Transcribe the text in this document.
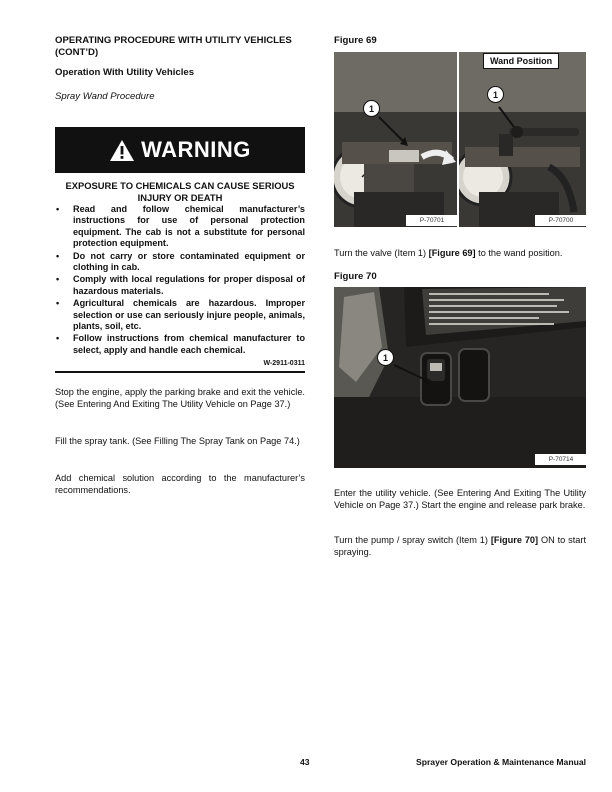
OPERATING PROCEDURE WITH UTILITY VEHICLES (CONT’D)
Operation With Utility Vehicles
Spray Wand Procedure
WARNING
EXPOSURE TO CHEMICALS CAN CAUSE SERIOUS INJURY OR DEATH
• Read and follow chemical manufacturer’s instructions for use of personal protection equipment. The cab is not a substitute for personal protection equipment.
• Do not carry or store contaminated equipment or clothing in cab.
• Comply with local regulations for proper disposal of hazardous materials.
• Agricultural chemicals are hazardous. Improper selection or use can seriously injure people, animals, plants, soil, etc.
• Follow instructions from chemical manufacturer to select, apply and handle each chemical.
W-2911-0311
Stop the engine, apply the parking brake and exit the vehicle. (See Entering And Exiting The Utility Vehicle on Page 37.)
Fill the spray tank. (See Filling The Spray Tank on Page 74.)
Add chemical solution according to the manufacturer’s recommendations.
Figure 69
1
P-70701
Wand Position
1
P-70700
Turn the valve (Item 1) [Figure 69] to the wand position.
Figure 70
1
P-70714
Enter the utility vehicle. (See Entering And Exiting The Utility Vehicle on Page 37.) Start the engine and release park brake.
Turn the pump / spray switch (Item 1) [Figure 70] ON to start spraying.
43	Sprayer Operation & Maintenance Manual
